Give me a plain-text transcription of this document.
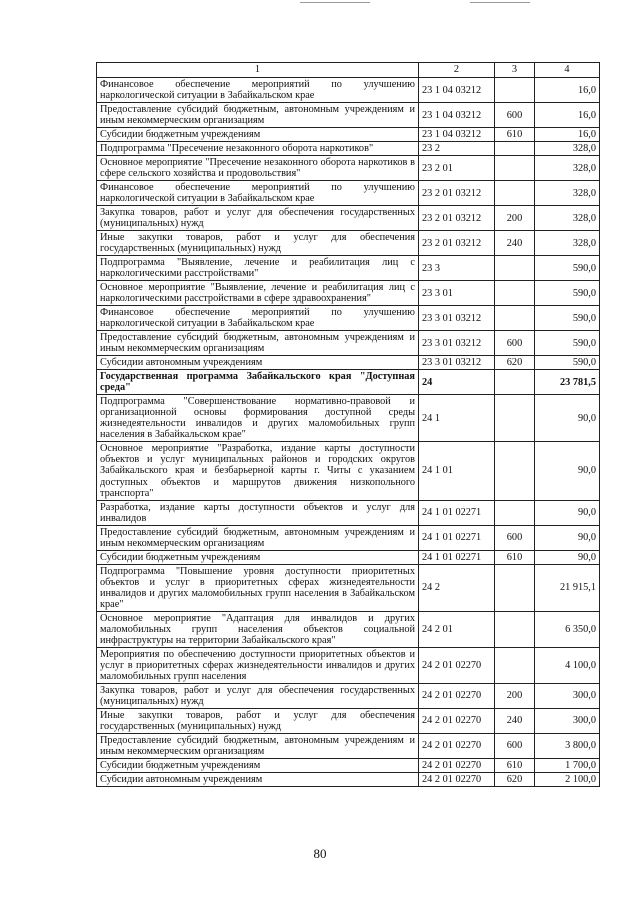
1	2	3	4
Финансовое обеспечение мероприятий по улучшению наркологической ситуации в Забайкальском крае	23 1 04 03212		16,0
Предоставление субсидий бюджетным, автономным учреждениям и иным некоммерческим организациям	23 1 04 03212	600	16,0
Субсидии бюджетным учреждениям	23 1 04 03212	610	16,0
Подпрограмма "Пресечение незаконного оборота наркотиков"	23 2		328,0
Основное мероприятие "Пресечение незаконного оборота наркотиков в сфере сельского хозяйства и продовольствия"	23 2 01		328,0
Финансовое обеспечение мероприятий по улучшению наркологической ситуации в Забайкальском крае	23 2 01 03212		328,0
Закупка товаров, работ и услуг для обеспечения государственных (муниципальных) нужд	23 2 01 03212	200	328,0
Иные закупки товаров, работ и услуг для обеспечения государственных (муниципальных) нужд	23 2 01 03212	240	328,0
Подпрограмма "Выявление, лечение и реабилитация лиц с наркологическими расстройствами"	23 3		590,0
Основное мероприятие "Выявление, лечение и реабилитация лиц с наркологическими расстройствами в сфере здравоохранения"	23 3 01		590,0
Финансовое обеспечение мероприятий по улучшению наркологической ситуации в Забайкальском крае	23 3 01 03212		590,0
Предоставление субсидий бюджетным, автономным учреждениям и иным некоммерческим организациям	23 3 01 03212	600	590,0
Субсидии автономным учреждениям	23 3 01 03212	620	590,0
Государственная программа Забайкальского края "Доступная среда"	24		23 781,5
Подпрограмма "Совершенствование нормативно-правовой и организационной основы формирования доступной среды жизнедеятельности инвалидов и других маломобильных групп населения в Забайкальском крае"	24 1		90,0
Основное мероприятие "Разработка, издание карты доступности объектов и услуг муниципальных районов и городских округов Забайкальского края и безбарьерной карты г. Читы с указанием доступных объектов и маршрутов движения низкопольного транспорта"	24 1 01		90,0
Разработка, издание карты доступности объектов и услуг для инвалидов	24 1 01 02271		90,0
Предоставление субсидий бюджетным, автономным учреждениям и иным некоммерческим организациям	24 1 01 02271	600	90,0
Субсидии бюджетным учреждениям	24 1 01 02271	610	90,0
Подпрограмма "Повышение уровня доступности приоритетных объектов и услуг в приоритетных сферах жизнедеятельности инвалидов и других маломобильных групп населения в Забайкальском крае"	24 2		21 915,1
Основное мероприятие "Адаптация для инвалидов и других маломобильных групп населения объектов социальной инфраструктуры на территории Забайкальского края"	24 2 01		6 350,0
Мероприятия по обеспечению доступности приоритетных объектов и услуг в приоритетных сферах жизнедеятельности инвалидов и других маломобильных групп населения	24 2 01 02270		4 100,0
Закупка товаров, работ и услуг для обеспечения государственных (муниципальных) нужд	24 2 01 02270	200	300,0
Иные закупки товаров, работ и услуг для обеспечения государственных (муниципальных) нужд	24 2 01 02270	240	300,0
Предоставление субсидий бюджетным, автономным учреждениям и иным некоммерческим организациям	24 2 01 02270	600	3 800,0
Субсидии бюджетным учреждениям	24 2 01 02270	610	1 700,0
Субсидии автономным учреждениям	24 2 01 02270	620	2 100,0
80
